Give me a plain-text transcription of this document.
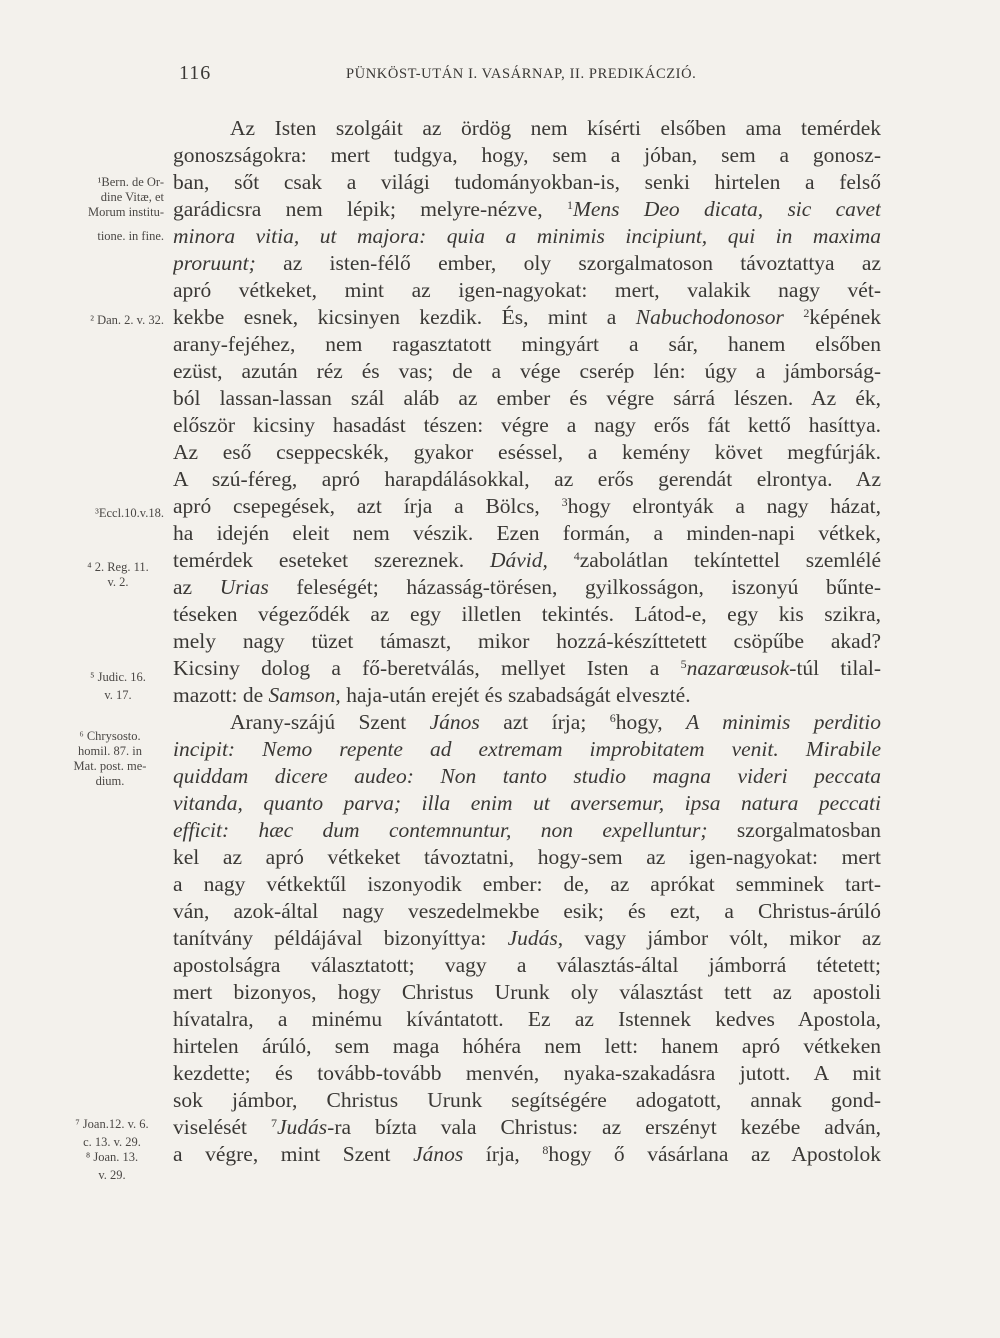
116	PÜNKÖST-UTÁN I. VASÁRNAP, II. PREDIKÁCZIÓ.
¹Bern. de Or-
dine Vitæ, et
Morum institu-
tione. in fine.
² Dan. 2. v. 32.
³Eccl.10.v.18.
⁴ 2. Reg. 11.
v. 2.
⁵ Judic. 16.
v. 17.
⁶ Chrysosto.
homil. 87. in
Mat. post. me-
dium.
⁷ Joan.12. v. 6.
c. 13. v. 29.
⁸ Joan. 13.
v. 29.
Az Isten szolgáit az ördög nem kísérti elsőben ama temérdek
gonoszságokra: mert tudgya, hogy, sem a jóban, sem a gonosz-
ban, sőt csak a világi tudományokban-is, senki hirtelen a felső
garádicsra nem lépik; melyre-nézve, $^1$Mens Deo dicata, sic cavet
minora vitia, ut majora: quia a minimis incipiunt, qui in maxima
proruunt; az isten-félő ember, oly szorgalmatoson távoztattya az
apró vétkeket, mint az igen-nagyokat: mert, valakik nagy vét-
kekbe esnek, kicsinyen kezdik. És, mint a Nabuchodonosor $^2$képének
arany-fejéhez, nem ragasztatott mingyárt a sár, hanem elsőben
ezüst, azután réz és vas; de a vége cserép lén: úgy a jámborság-
ból lassan-lassan szál aláb az ember és végre sárrá lészen. Az ék,
először kicsiny hasadást tészen: végre a nagy erős fát kettő hasíttya.
Az eső cseppecskék, gyakor eséssel, a kemény követ megfúrják.
A szú-féreg, apró harapdálásokkal, az erős gerendát elrontya. Az
apró csepegések, azt írja a Bölcs, $^3$hogy elrontyák a nagy házat,
ha idején eleit nem vészik. Ezen formán, a minden-napi vétkek,
temérdek eseteket szereznek. Dávid, $^4$zabolátlan tekíntettel szemlélé
az Urias feleségét; házasság-törésen, gyilkosságon, iszonyú bűnte-
téseken végeződék az egy illetlen tekintés. Látod-e, egy kis szikra,
mely nagy tüzet támaszt, mikor hozzá-készíttetett csöpűbe akad?
Kicsiny dolog a fő-beretválás, mellyet Isten a $^5$nazarœusok-túl tilal-
mazott: de Samson, haja-után erejét és szabadságát elveszté.
Arany-szájú Szent János azt írja; $^6$hogy, A minimis perditio
incipit: Nemo repente ad extremam improbitatem venit. Mirabile
quiddam dicere audeo: Non tanto studio magna videri peccata
vitanda, quanto parva; illa enim ut aversemur, ipsa natura peccati
efficit: hæc dum contemnuntur, non expelluntur; szorgalmatosban
kel az apró vétkeket távoztatni, hogy-sem az igen-nagyokat: mert
a nagy vétkektűl iszonyodik ember: de, az aprókat semminek tart-
ván, azok-által nagy veszedelmekbe esik; és ezt, a Christus-árúló
tanítvány példájával bizonyíttya: Judás, vagy jámbor vólt, mikor az
apostolságra választatott; vagy a választás-által jámborrá tétetett;
mert bizonyos, hogy Christus Urunk oly választást tett az apostoli
hívatalra, a minému kívántatott. Ez az Istennek kedves Apostola,
hirtelen árúló, sem maga hóhéra nem lett: hanem apró vétkeken
kezdette; és tovább-tovább menvén, nyaka-szakadásra jutott. A mit
sok jámbor, Christus Urunk segítségére adogatott, annak gond-
viselését $^7$Judás-ra bízta vala Christus: az erszényt kezébe adván,
a végre, mint Szent János írja, $^8$hogy ő vásárlana az Apostolok
